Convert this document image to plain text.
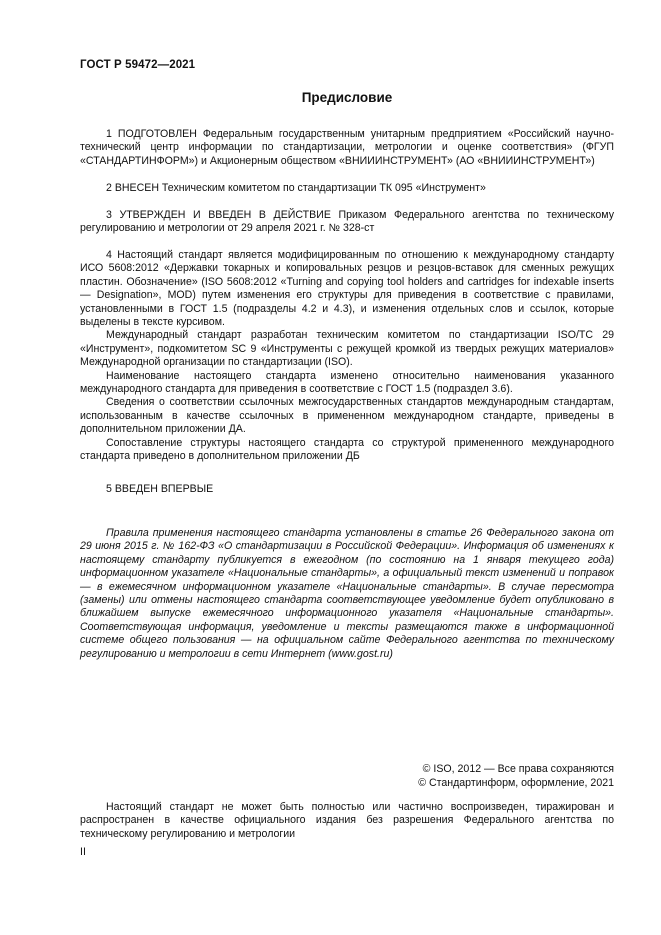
ГОСТ Р 59472—2021
Предисловие

1 ПОДГОТОВЛЕН Федеральным государственным унитарным предприятием «Российский научно-технический центр информации по стандартизации, метрологии и оценке соответствия» (ФГУП «СТАНДАРТИНФОРМ») и Акционерным обществом «ВНИИИНСТРУМЕНТ» (АО «ВНИИИНСТРУМЕНТ»)

2 ВНЕСЕН Техническим комитетом по стандартизации ТК 095 «Инструмент»

3 УТВЕРЖДЕН И ВВЕДЕН В ДЕЙСТВИЕ Приказом Федерального агентства по техническому регулированию и метрологии от 29 апреля 2021 г. № 328-ст

4 Настоящий стандарт является модифицированным по отношению к международному стандарту ИСО 5608:2012 «Державки токарных и копировальных резцов и резцов-вставок для сменных режущих пластин. Обозначение» (ISO 5608:2012 «Turning and copying tool holders and cartridges for indexable inserts — Designation», MOD) путем изменения его структуры для приведения в соответствие с правилами, установленными в ГОСТ 1.5 (подразделы 4.2 и 4.3), и изменения отдельных слов и ссылок, которые выделены в тексте курсивом.

Международный стандарт разработан техническим комитетом по стандартизации ISO/TC 29 «Инструмент», подкомитетом SC 9 «Инструменты с режущей кромкой из твердых режущих материалов» Международной организации по стандартизации (ISO).

Наименование настоящего стандарта изменено относительно наименования указанного международного стандарта для приведения в соответствие с ГОСТ 1.5 (подраздел 3.6).

Сведения о соответствии ссылочных межгосударственных стандартов международным стандартам, использованным в качестве ссылочных в примененном международном стандарте, приведены в дополнительном приложении ДА.

Сопоставление структуры настоящего стандарта со структурой примененного международного стандарта приведено в дополнительном приложении ДБ

5 ВВЕДЕН ВПЕРВЫЕ

Правила применения настоящего стандарта установлены в статье 26 Федерального закона от 29 июня 2015 г. № 162-ФЗ «О стандартизации в Российской Федерации». Информация об изменениях к настоящему стандарту публикуется в ежегодном (по состоянию на 1 января текущего года) информационном указателе «Национальные стандарты», а официальный текст изменений и поправок — в ежемесячном информационном указателе «Национальные стандарты». В случае пересмотра (замены) или отмены настоящего стандарта соответствующее уведомление будет опубликовано в ближайшем выпуске ежемесячного информационного указателя «Национальные стандарты». Соответствующая информация, уведомление и тексты размещаются также в информационной системе общего пользования — на официальном сайте Федерального агентства по техническому регулированию и метрологии в сети Интернет (www.gost.ru)

© ISO, 2012 — Все права сохраняются
© Стандартинформ, оформление, 2021

Настоящий стандарт не может быть полностью или частично воспроизведен, тиражирован и распространен в качестве официального издания без разрешения Федерального агентства по техническому регулированию и метрологии

II
